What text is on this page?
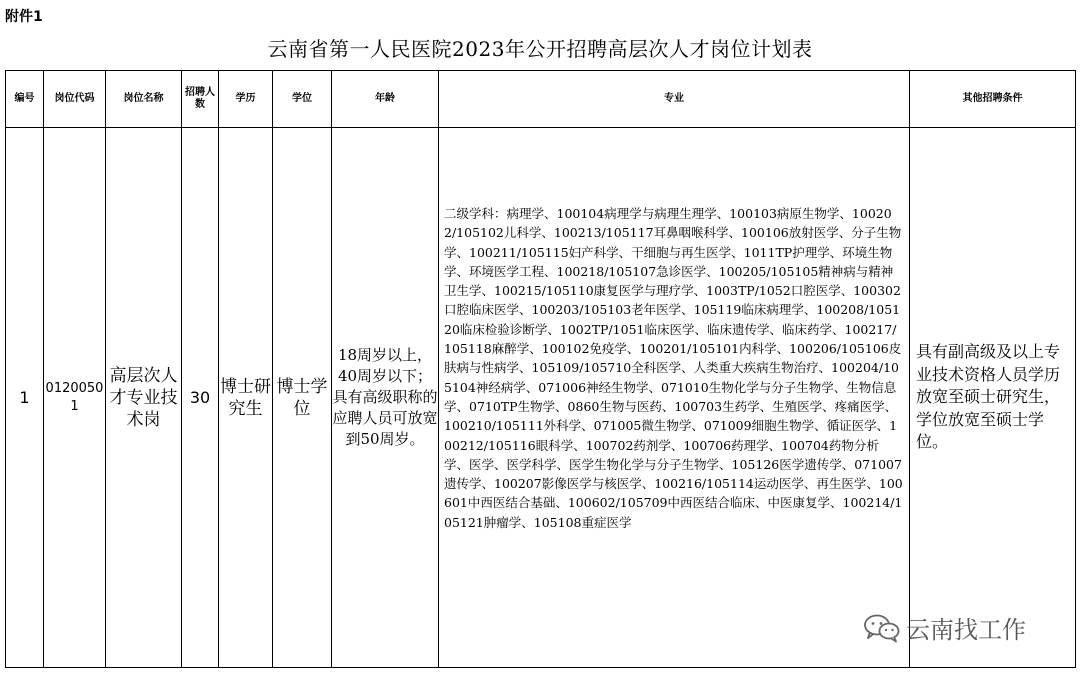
附件1
云南省第一人民医院2023年公开招聘高层次人才岗位计划表
编号	岗位代码	岗位名称	招聘人数	学历	学位	年龄	专业	其他招聘条件
1	01200501	高层次人才专业技术岗	30	博士研究生	博士学位	18周岁以上，40周岁以下；具有高级职称的应聘人员可放宽到50周岁。	二级学科：病理学、100104病理学与病理生理学、100103病原生物学、100202/105102儿科学、100213/105117耳鼻咽喉科学、100106放射医学、分子生物学、100211/105115妇产科学、干细胞与再生医学、1011TP护理学、环境生物学、环境医学工程、100218/105107急诊医学、100205/105105精神病与精神卫生学、100215/105110康复医学与理疗学、1003TP/1052口腔医学、100302口腔临床医学、100203/105103老年医学、105119临床病理学、100208/105120临床检验诊断学、1002TP/1051临床医学、临床遗传学、临床药学、100217/105118麻醉学、100102免疫学、100201/105101内科学、100206/105106皮肤病与性病学、105109/105710全科医学、人类重大疾病生物治疗、100204/105104神经病学、071006神经生物学、071010生物化学与分子生物学、生物信息学、0710TP生物学、0860生物与医药、100703生药学、生殖医学、疼痛医学、100210/105111外科学、071005微生物学、071009细胞生物学、循证医学、100212/105116眼科学、100702药剂学、100706药理学、100704药物分析学、医学、医学科学、医学生物化学与分子生物学、105126医学遗传学、071007遗传学、100207影像医学与核医学、100216/105114运动医学、再生医学、100601中西医结合基础、100602/105709中西医结合临床、中医康复学、100214/105121肿瘤学、105108重症医学	具有副高级及以上专业技术资格人员学历放宽至硕士研究生，学位放宽至硕士学位。
云南找工作
